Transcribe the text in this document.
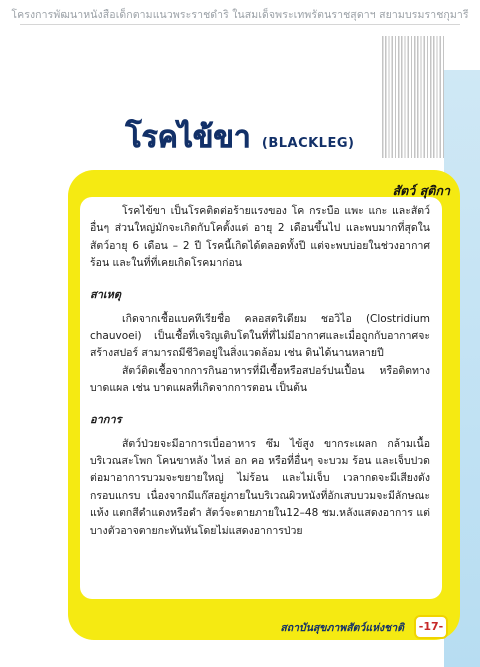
โครงการพัฒนาหนังสือเด็กตามแนวพระราชดำริ ในสมเด็จพระเทพรัตนราชสุดาฯ สยามบรมราชกุมารี
โรคไข้ขา (BLACKLEG)
สัตว์ สุติกา

โรคไข้ขา เป็นโรคติดต่อร้ายแรงของ โค กระบือ แพะ แกะ และสัตว์อื่นๆ ส่วนใหญ่มักจะเกิดกับโคตั้งแต่ อายุ 2 เดือนขึ้นไป และพบมากที่สุดในสัตว์อายุ 6 เดือน – 2 ปี โรคนี้เกิดได้ตลอดทั้งปี แต่จะพบบ่อยในช่วงอากาศร้อน และในที่ที่เคยเกิดโรคมาก่อน

สาเหตุ

เกิดจากเชื้อแบคทีเรียชื่อ คลอสตริเดียม ชอวิไอ (Clostridium chauvoei) เป็นเชื้อที่เจริญเติบโตในที่ที่ไม่มีอากาศและเมื่อถูกกับอากาศจะสร้างสปอร์ สามารถมีชีวิตอยู่ในสิ่งแวดล้อม เช่น ดินได้นานหลายปี

สัตว์ติดเชื้อจากการกินอาหารที่มีเชื้อหรือสปอร์ปนเปื้อน หรือติดทางบาดแผล เช่น บาดแผลที่เกิดจากการตอน เป็นต้น

อาการ

สัตว์ป่วยจะมีอาการเบื่ออาหาร ซึม ไข้สูง ขากระเผลก กล้ามเนื้อบริเวณสะโพก โคนขาหลัง ไหล่ อก คอ หรือที่อื่นๆ จะบวม ร้อน และเจ็บปวด ต่อมาอาการบวมจะขยายใหญ่ ไม่ร้อน และไม่เจ็บ เวลากดจะมีเสียงดังกรอบแกรบ เนื่องจากมีแก๊สอยู่ภายในบริเวณผิวหนังที่อักเสบบวมจะมีลักษณะแห้ง แตกสีดำแดงหรือดำ สัตว์จะตายภายใน12–48 ชม.หลังแสดงอาการ แต่บางตัวอาจตายกะทันหันโดยไม่แสดงอาการป่วย

สถาบันสุขภาพสัตว์แห่งชาติ	-17-
